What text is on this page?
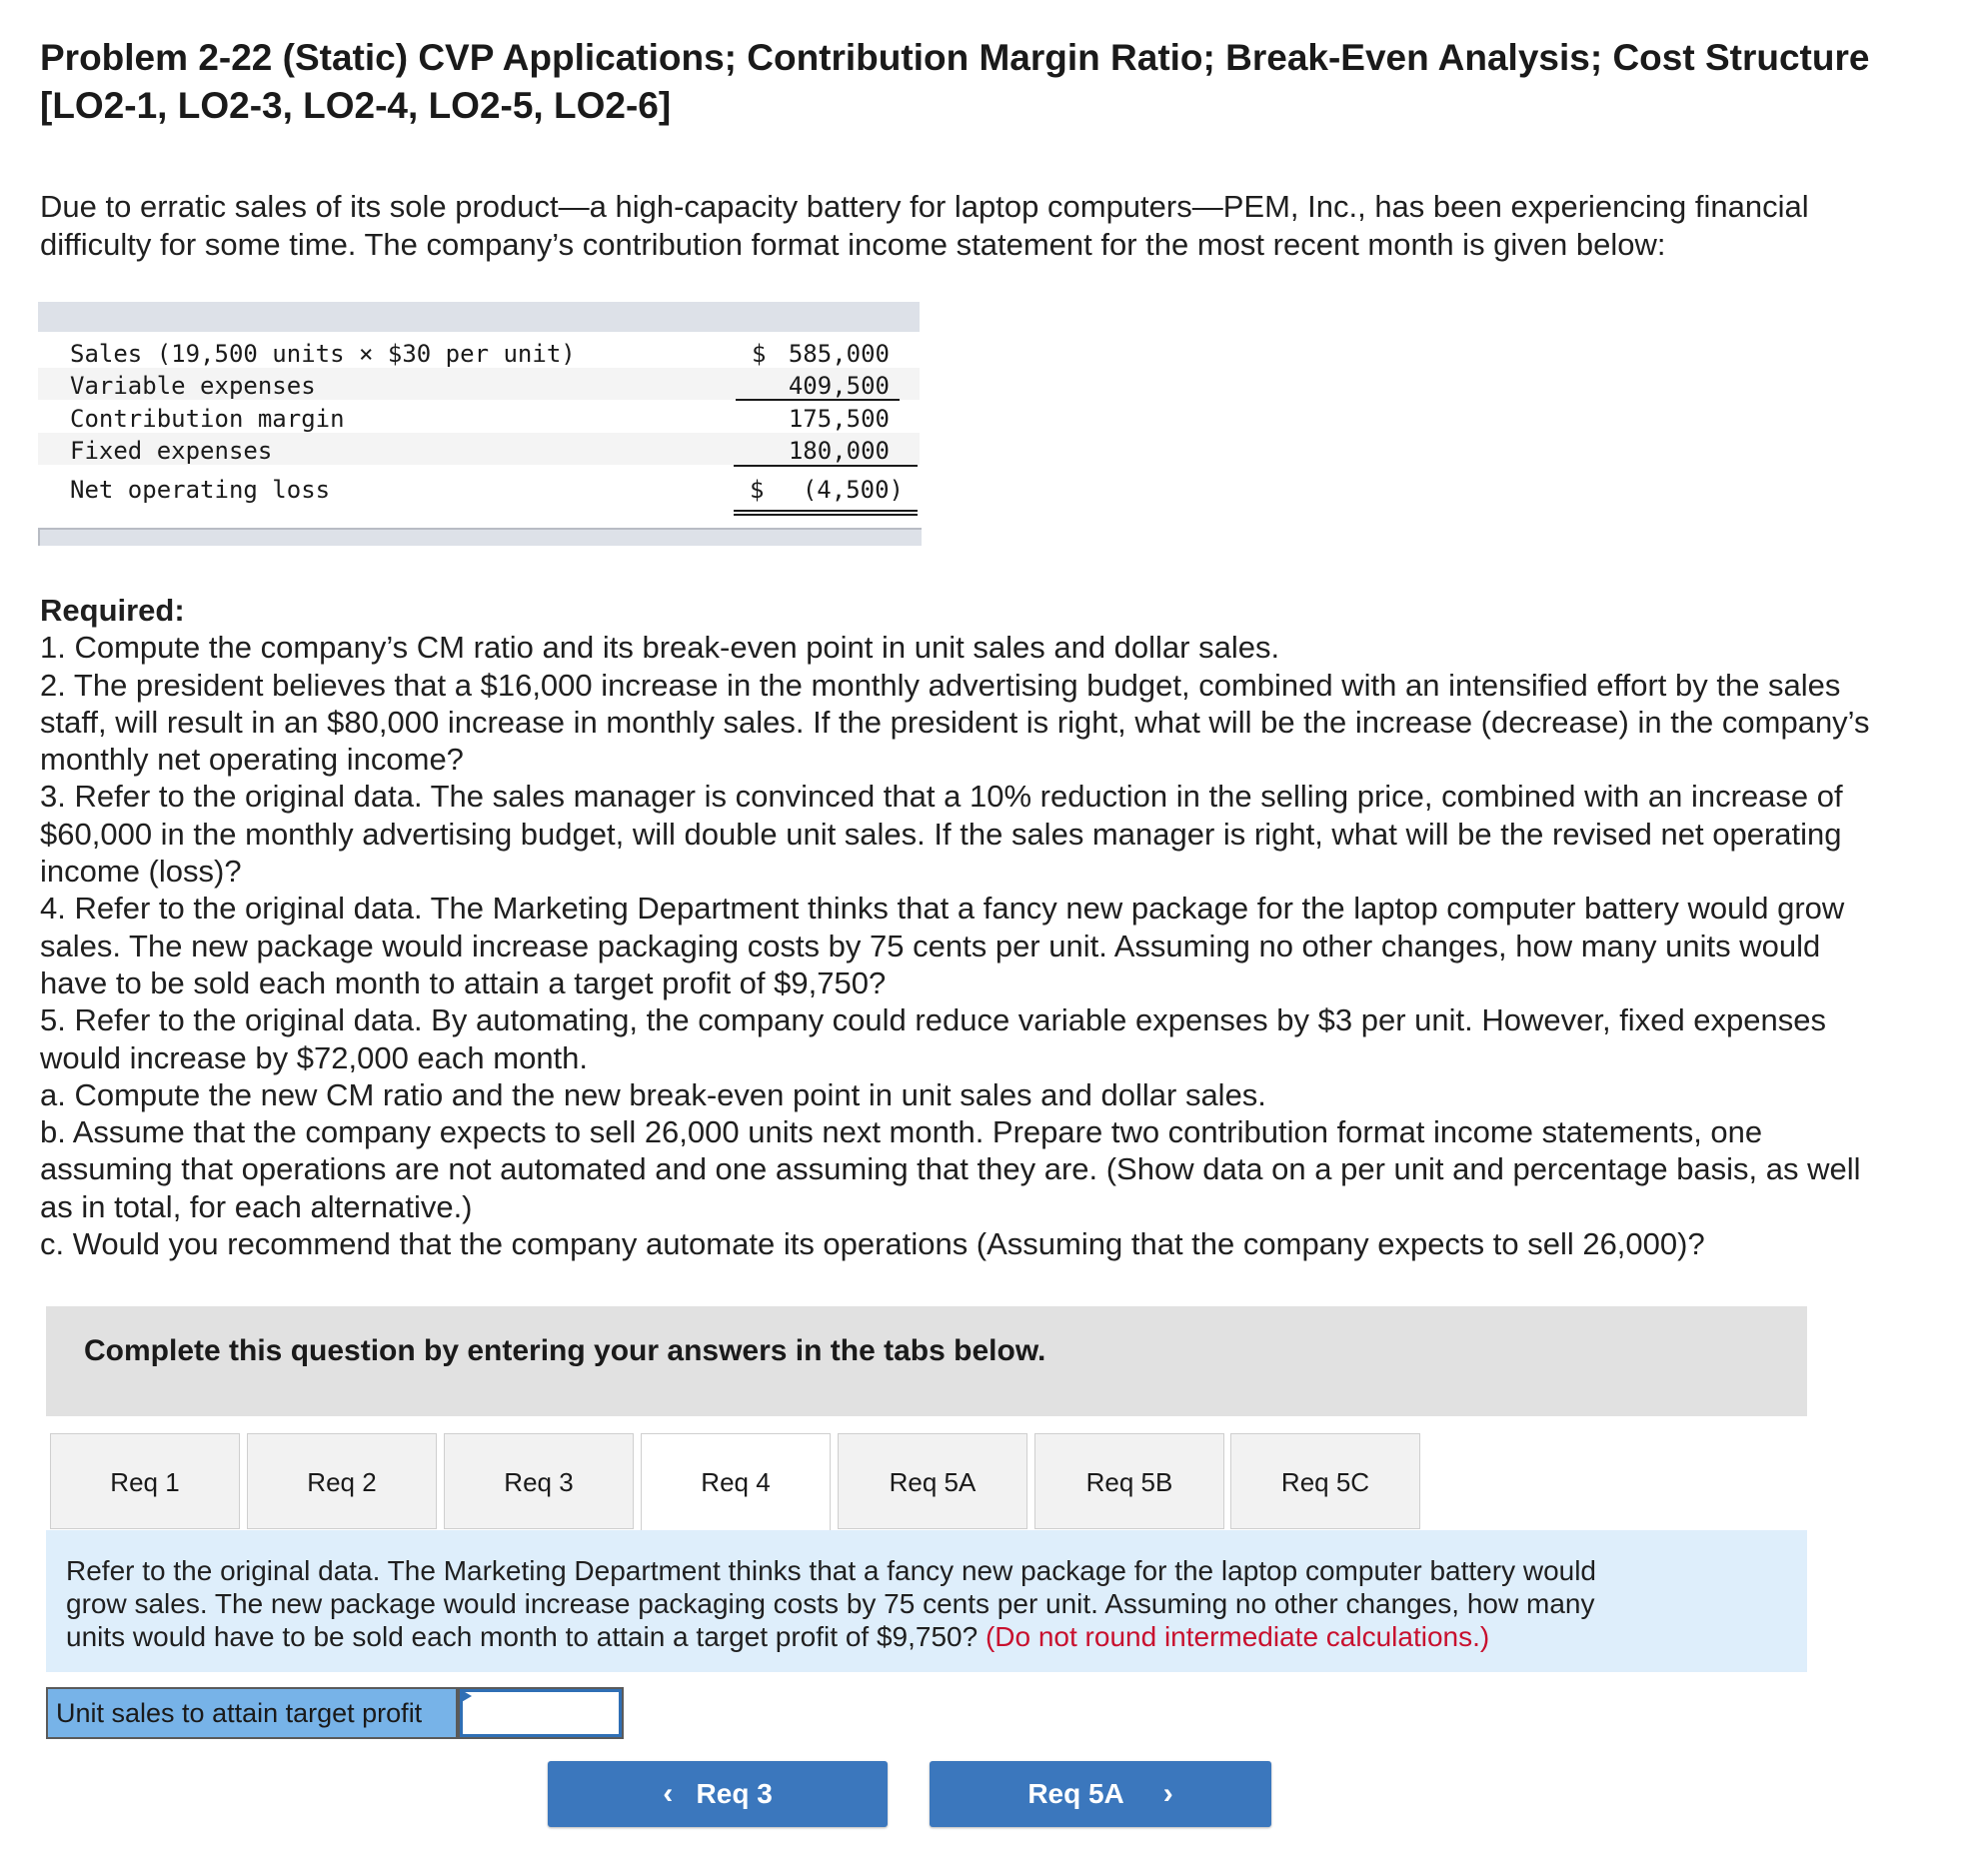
Problem 2-22 (Static) CVP Applications; Contribution Margin Ratio; Break-Even Analysis; Cost Structure
[LO2-1, LO2-3, LO2-4, LO2-5, LO2-6]
Due to erratic sales of its sole product—a high-capacity battery for laptop computers—PEM, Inc., has been experiencing financial
difficulty for some time. The company’s contribution format income statement for the most recent month is given below:
Sales (19,500 units × $30 per unit)	$ 585,000
Variable expenses	409,500
Contribution margin	175,500
Fixed expenses	180,000
Net operating loss	$ (4,500)
Required:
1. Compute the company’s CM ratio and its break-even point in unit sales and dollar sales.
2. The president believes that a $16,000 increase in the monthly advertising budget, combined with an intensified effort by the sales
staff, will result in an $80,000 increase in monthly sales. If the president is right, what will be the increase (decrease) in the company’s
monthly net operating income?
3. Refer to the original data. The sales manager is convinced that a 10% reduction in the selling price, combined with an increase of
$60,000 in the monthly advertising budget, will double unit sales. If the sales manager is right, what will be the revised net operating
income (loss)?
4. Refer to the original data. The Marketing Department thinks that a fancy new package for the laptop computer battery would grow
sales. The new package would increase packaging costs by 75 cents per unit. Assuming no other changes, how many units would
have to be sold each month to attain a target profit of $9,750?
5. Refer to the original data. By automating, the company could reduce variable expenses by $3 per unit. However, fixed expenses
would increase by $72,000 each month.
a. Compute the new CM ratio and the new break-even point in unit sales and dollar sales.
b. Assume that the company expects to sell 26,000 units next month. Prepare two contribution format income statements, one
assuming that operations are not automated and one assuming that they are. (Show data on a per unit and percentage basis, as well
as in total, for each alternative.)
c. Would you recommend that the company automate its operations (Assuming that the company expects to sell 26,000)?
Complete this question by entering your answers in the tabs below.
Req 1	Req 2	Req 3	Req 4	Req 5A	Req 5B	Req 5C
Refer to the original data. The Marketing Department thinks that a fancy new package for the laptop computer battery would
grow sales. The new package would increase packaging costs by 75 cents per unit. Assuming no other changes, how many
units would have to be sold each month to attain a target profit of $9,750? (Do not round intermediate calculations.)
Unit sales to attain target profit
‹ Req 3	Req 5A ›
